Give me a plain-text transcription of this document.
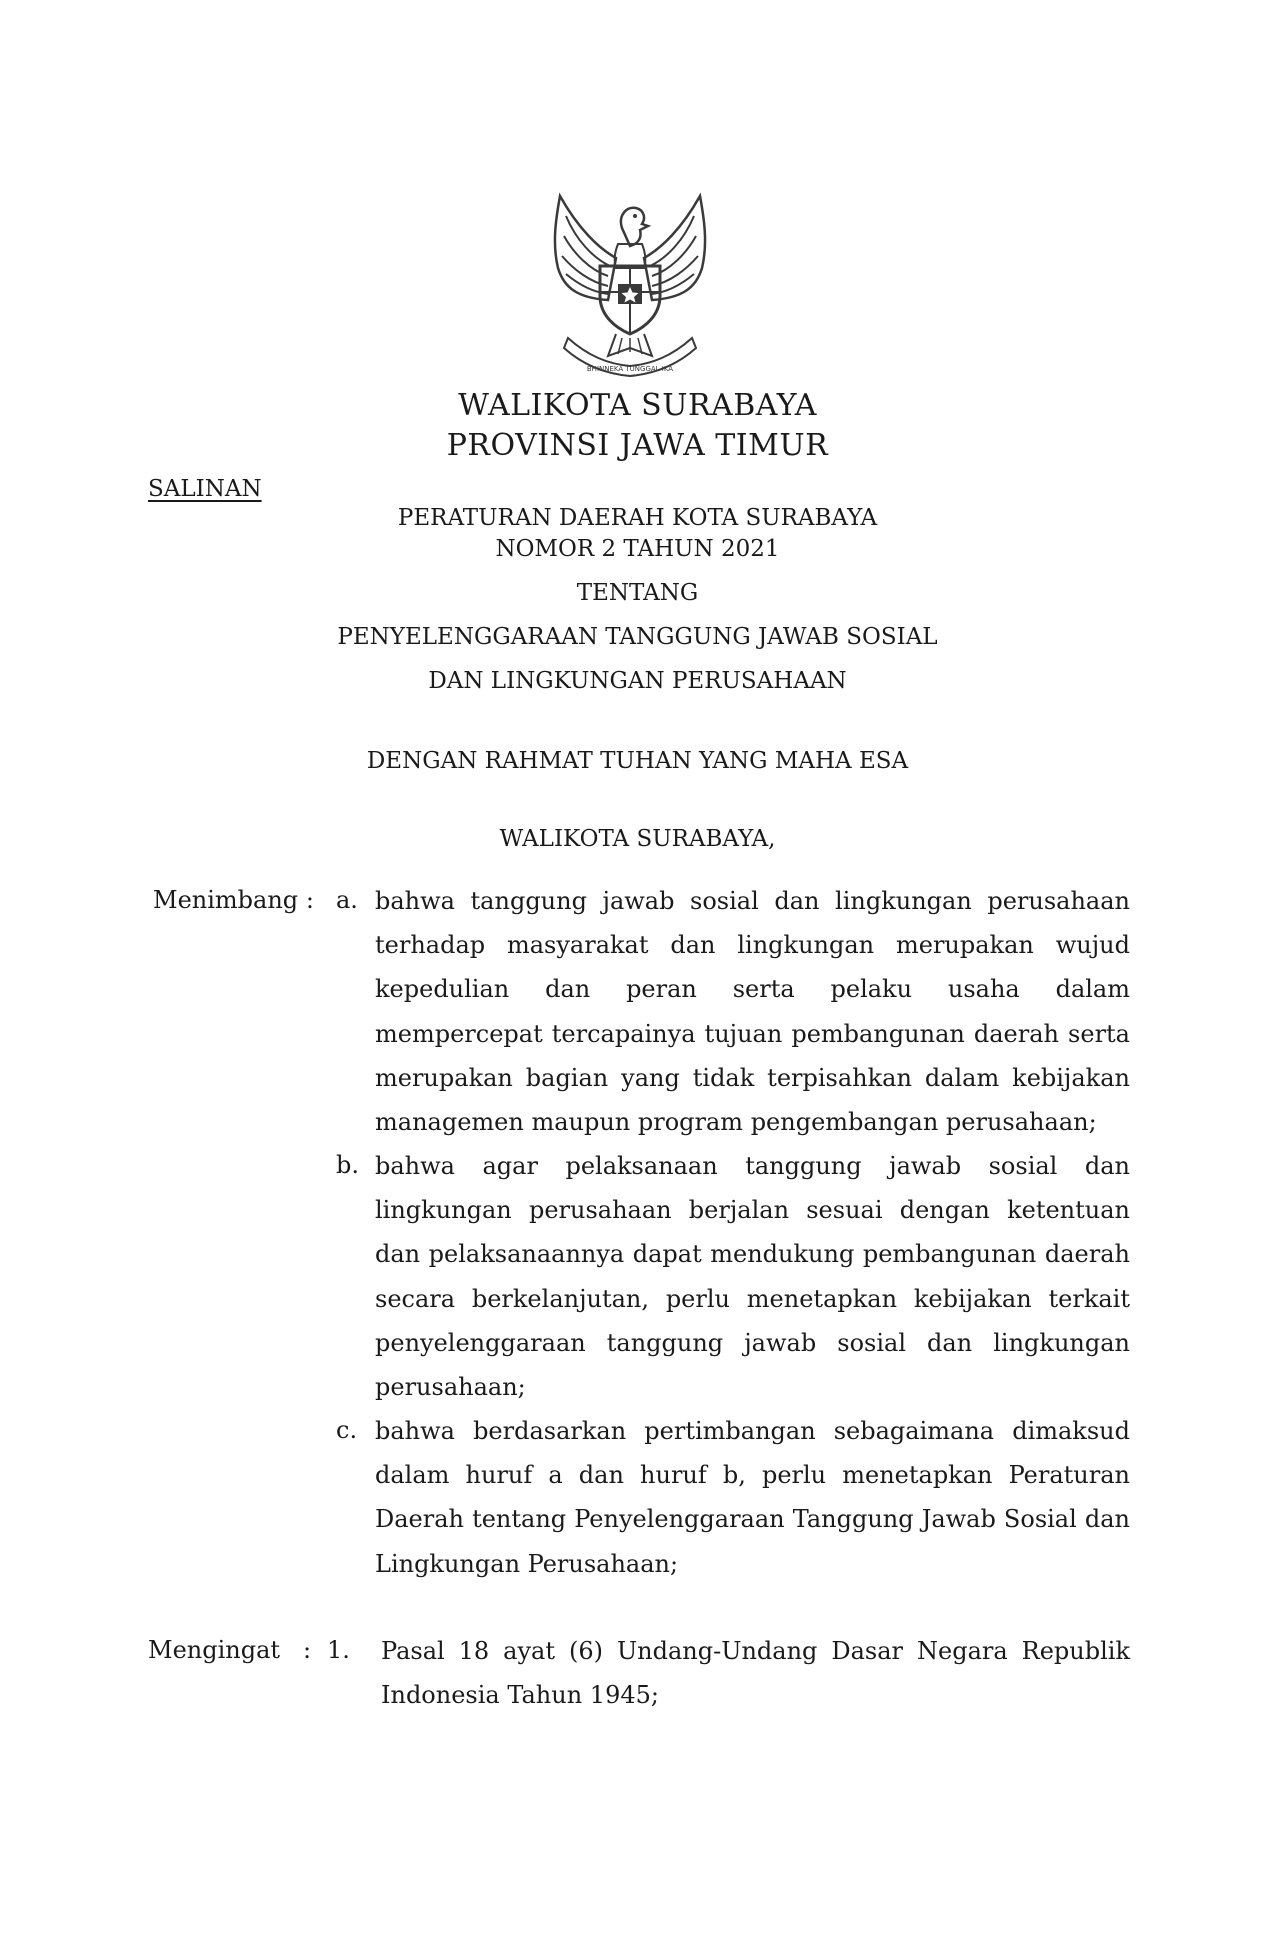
BHINNEKA TUNGGAL IKA
WALIKOTA SURABAYA
PROVINSI JAWA TIMUR
SALINAN
PERATURAN DAERAH KOTA SURABAYA
NOMOR 2 TAHUN 2021
TENTANG
PENYELENGGARAAN TANGGUNG JAWAB SOSIAL
DAN LINGKUNGAN PERUSAHAAN
DENGAN RAHMAT TUHAN YANG MAHA ESA
WALIKOTA SURABAYA,
Menimbang : a. bahwa tanggung jawab sosial dan lingkungan perusahaan terhadap masyarakat dan lingkungan merupakan wujud kepedulian dan peran serta pelaku usaha dalam mempercepat tercapainya tujuan pembangunan daerah serta merupakan bagian yang tidak terpisahkan dalam kebijakan managemen maupun program pengembangan perusahaan;
b. bahwa agar pelaksanaan tanggung jawab sosial dan lingkungan perusahaan berjalan sesuai dengan ketentuan dan pelaksanaannya dapat mendukung pembangunan daerah secara berkelanjutan, perlu menetapkan kebijakan terkait penyelenggaraan tanggung jawab sosial dan lingkungan perusahaan;
c. bahwa berdasarkan pertimbangan sebagaimana dimaksud dalam huruf a dan huruf b, perlu menetapkan Peraturan Daerah tentang Penyelenggaraan Tanggung Jawab Sosial dan Lingkungan Perusahaan;
Mengingat : 1. Pasal 18 ayat (6) Undang-Undang Dasar Negara Republik Indonesia Tahun 1945;
